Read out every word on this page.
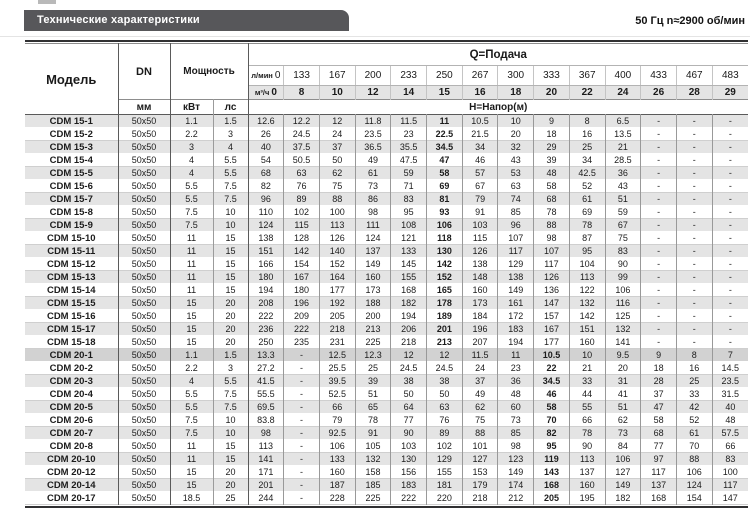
Технические характеристики	50 Гц n≈2900 об/мин
Модель	DN	Мощность		Q=Подача													
				л/мин 0	133	167	200	233	250	267	300	333	367	400	433	467	483
				м³/ч 0	8	10	12	14	15	16	18	20	22	24	26	28	29
	мм	кВт	лс	H=Напор(м)													
CDM 15-1	50x50	1.1	1.5	12.6	12.2	12	11.8	11.5	11	10.5	10	9	8	6.5	-	-	-
CDM 15-2	50x50	2.2	3	26	24.5	24	23.5	23	22.5	21.5	20	18	16	13.5	-	-	-
CDM 15-3	50x50	3	4	40	37.5	37	36.5	35.5	34.5	34	32	29	25	21	-	-	-
CDM 15-4	50x50	4	5.5	54	50.5	50	49	47.5	47	46	43	39	34	28.5	-	-	-
CDM 15-5	50x50	4	5.5	68	63	62	61	59	58	57	53	48	42.5	36	-	-	-
CDM 15-6	50x50	5.5	7.5	82	76	75	73	71	69	67	63	58	52	43	-	-	-
CDM 15-7	50x50	5.5	7.5	96	89	88	86	83	81	79	74	68	61	51	-	-	-
CDM 15-8	50x50	7.5	10	110	102	100	98	95	93	91	85	78	69	59	-	-	-
CDM 15-9	50x50	7.5	10	124	115	113	111	108	106	103	96	88	78	67	-	-	-
CDM 15-10	50x50	11	15	138	128	126	124	121	118	115	107	98	87	75	-	-	-
CDM 15-11	50x50	11	15	151	142	140	137	133	130	126	117	107	95	83	-	-	-
CDM 15-12	50x50	11	15	166	154	152	149	145	142	138	129	117	104	90	-	-	-
CDM 15-13	50x50	11	15	180	167	164	160	155	152	148	138	126	113	99	-	-	-
CDM 15-14	50x50	11	15	194	180	177	173	168	165	160	149	136	122	106	-	-	-
CDM 15-15	50x50	15	20	208	196	192	188	182	178	173	161	147	132	116	-	-	-
CDM 15-16	50x50	15	20	222	209	205	200	194	189	184	172	157	142	125	-	-	-
CDM 15-17	50x50	15	20	236	222	218	213	206	201	196	183	167	151	132	-	-	-
CDM 15-18	50x50	15	20	250	235	231	225	218	213	207	194	177	160	141	-	-	-
CDM 20-1	50x50	1.1	1.5	13.3	-	12.5	12.3	12	12	11.5	11	10.5	10	9.5	9	8	7
CDM 20-2	50x50	2.2	3	27.2	-	25.5	25	24.5	24.5	24	23	22	21	20	18	16	14.5
CDM 20-3	50x50	4	5.5	41.5	-	39.5	39	38	38	37	36	34.5	33	31	28	25	23.5
CDM 20-4	50x50	5.5	7.5	55.5	-	52.5	51	50	50	49	48	46	44	41	37	33	31.5
CDM 20-5	50x50	5.5	7.5	69.5	-	66	65	64	63	62	60	58	55	51	47	42	40
CDM 20-6	50x50	7.5	10	83.8	-	79	78	77	76	75	73	70	66	62	58	52	48
CDM 20-7	50x50	7.5	10	98	-	92.5	91	90	89	88	85	82	78	73	68	61	57.5
CDM 20-8	50x50	11	15	113	-	106	105	103	102	101	98	95	90	84	77	70	66
CDM 20-10	50x50	11	15	141	-	133	132	130	129	127	123	119	113	106	97	88	83
CDM 20-12	50x50	15	20	171	-	160	158	156	155	153	149	143	137	127	117	106	100
CDM 20-14	50x50	15	20	201	-	187	185	183	181	179	174	168	160	149	137	124	117
CDM 20-17	50x50	18.5	25	244	-	228	225	222	220	218	212	205	195	182	168	154	147
